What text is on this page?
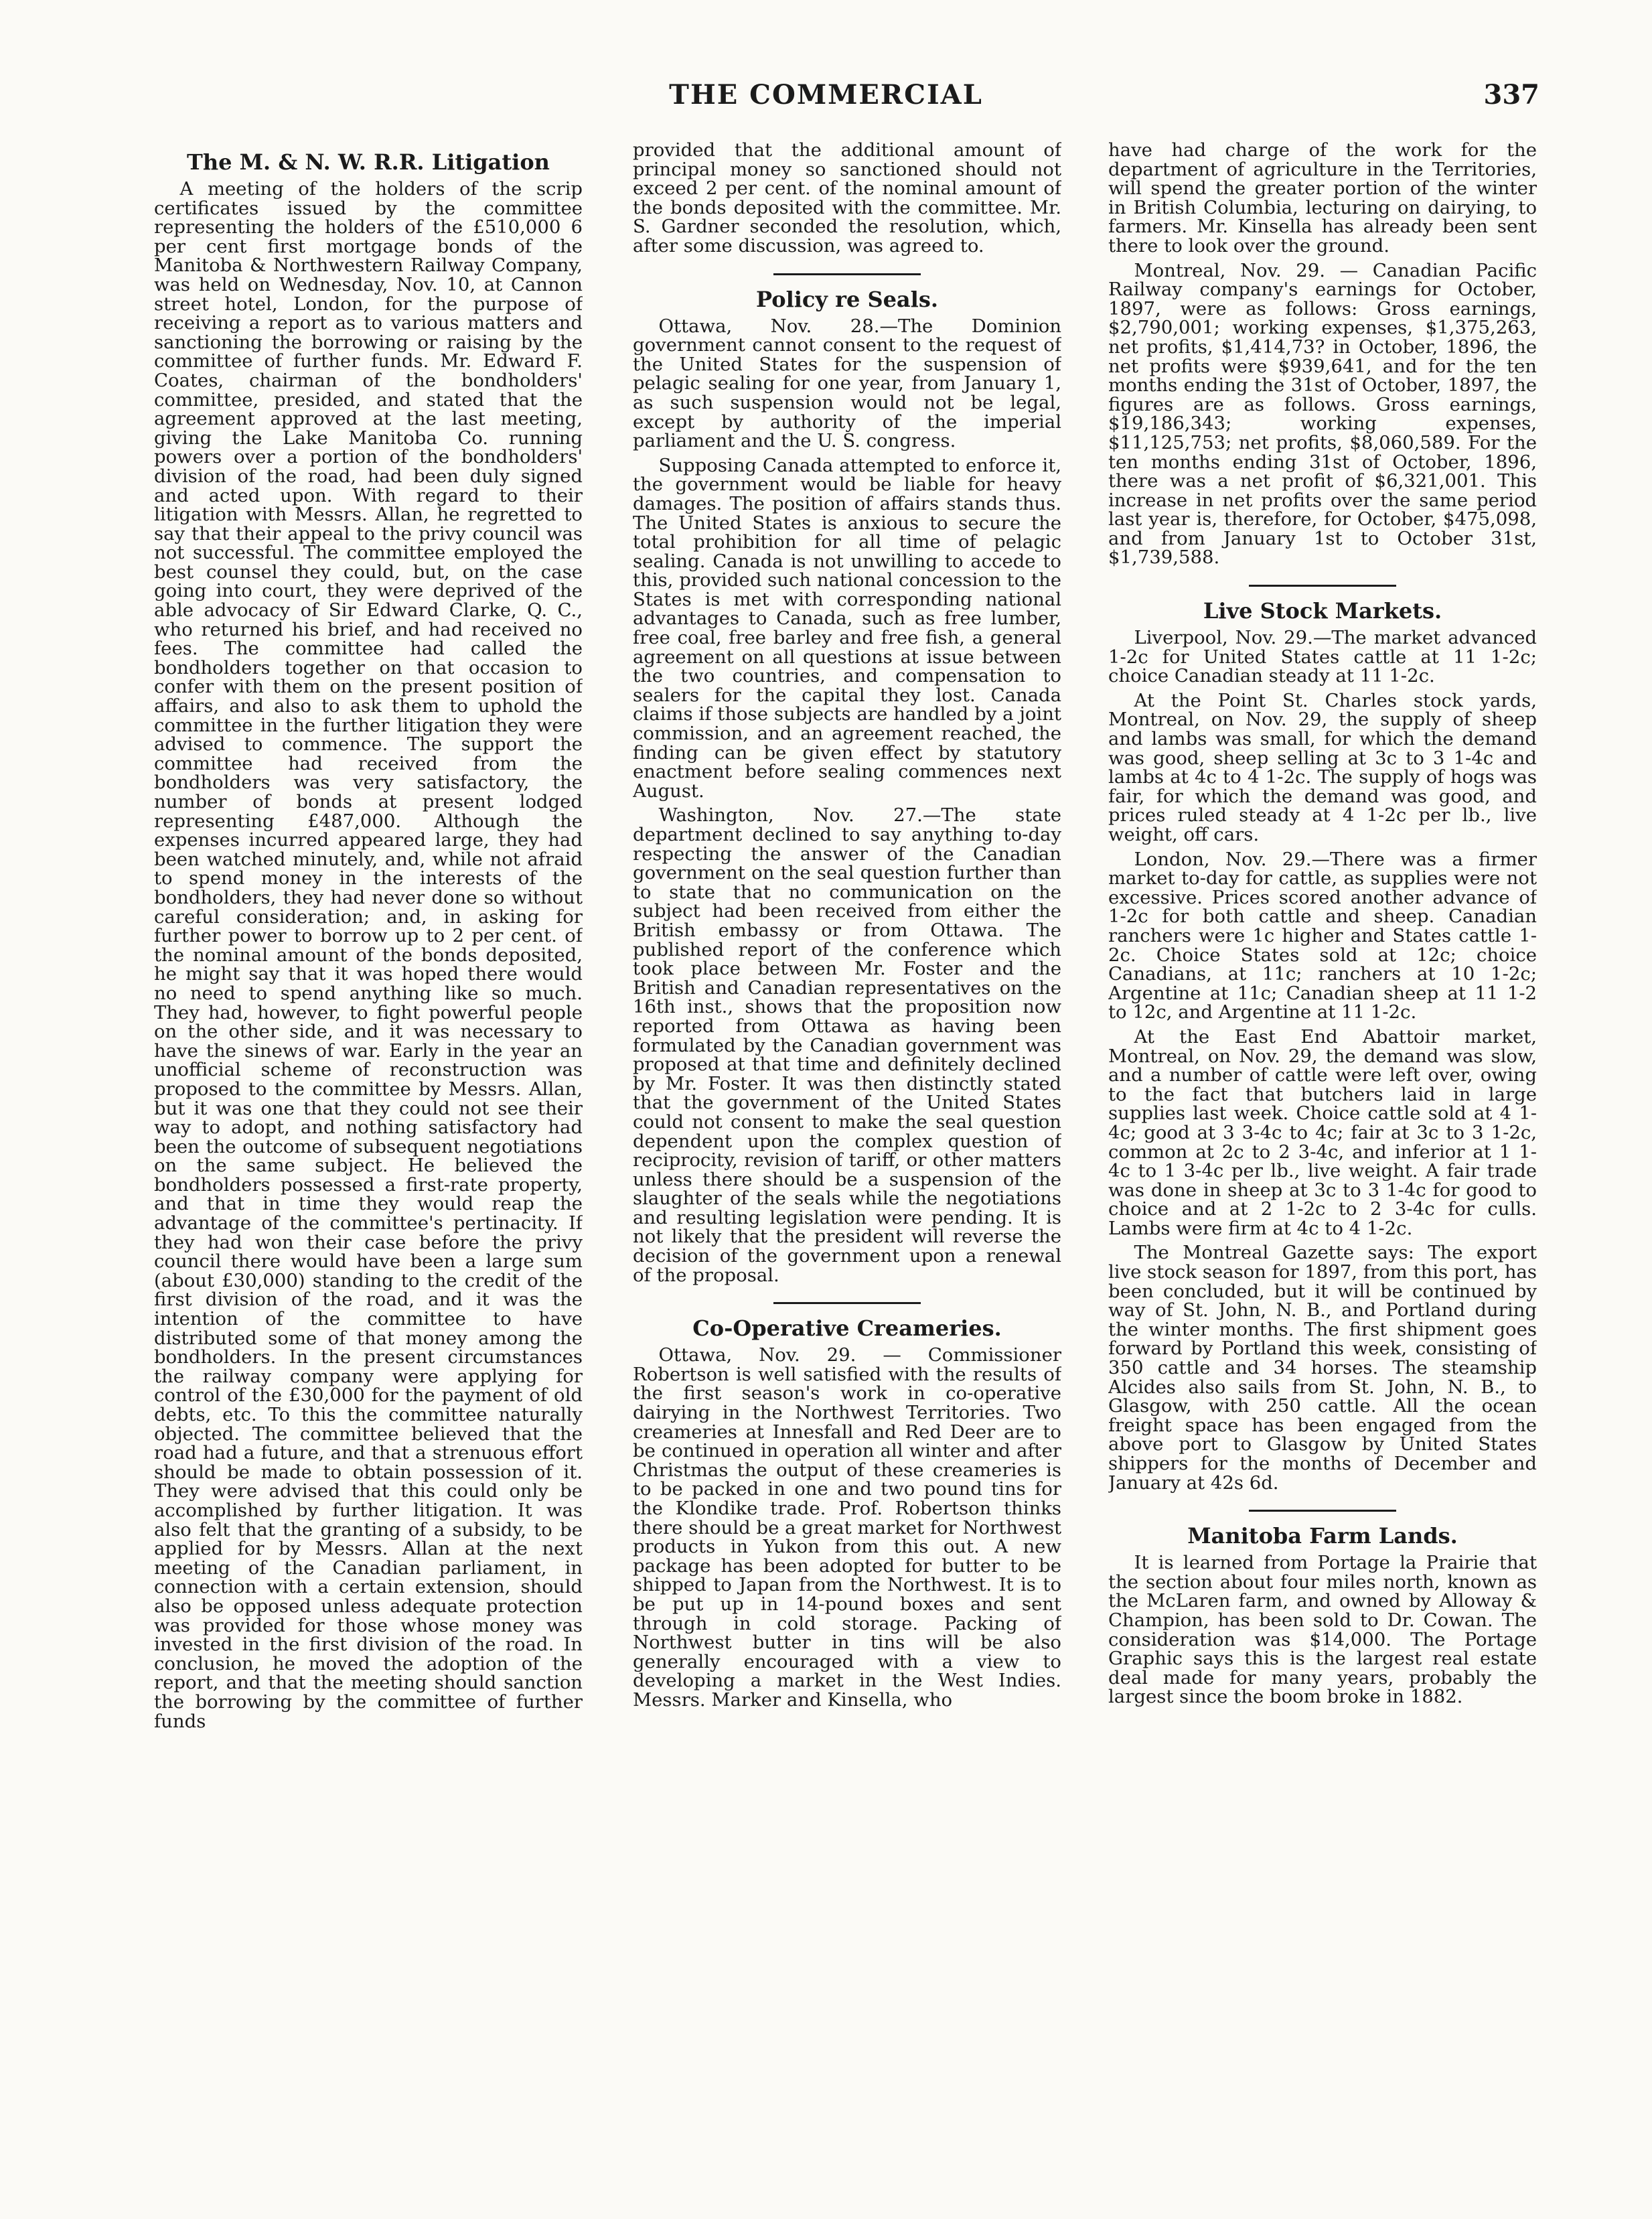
THE COMMERCIAL	337
The M. & N. W. R.R. Litigation

A meeting of the holders of the scrip certificates issued by the committee representing the holders of the £510,000 6 per cent first mortgage bonds of the Manitoba & Northwestern Railway Company, was held on Wednesday, Nov. 10, at Cannon street hotel, London, for the purpose of receiving a report as to various matters and sanctioning the borrowing or raising by the committee of further funds. Mr. Edward F. Coates, chairman of the bondholders' committee, presided, and stated that the agreement approved at the last meeting, giving the Lake Manitoba Co. running powers over a portion of the bondholders' division of the road, had been duly signed and acted upon. With regard to their litigation with Messrs. Allan, he regretted to say that their appeal to the privy council was not successful. The committee employed the best counsel they could, but, on the case going into court, they were deprived of the able advocacy of Sir Edward Clarke, Q. C., who returned his brief, and had received no fees. The committee had called the bondholders together on that occasion to confer with them on the present position of affairs, and also to ask them to uphold the committee in the further litigation they were advised to commence. The support the committee had received from the bondholders was very satisfactory, the number of bonds at present lodged representing £487,000. Although the expenses incurred appeared large, they had been watched minutely, and, while not afraid to spend money in the interests of the bondholders, they had never done so without careful consideration; and, in asking for further power to borrow up to 2 per cent. of the nominal amount of the bonds deposited, he might say that it was hoped there would no need to spend anything like so much. They had, however, to fight powerful people on the other side, and it was necessary to have the sinews of war. Early in the year an unofficial scheme of reconstruction was proposed to the committee by Messrs. Allan, but it was one that they could not see their way to adopt, and nothing satisfactory had been the outcome of subsequent negotiations on the same subject. He believed the bondholders possessed a first-rate property, and that in time they would reap the advantage of the committee's pertinacity. If they had won their case before the privy council there would have been a large sum (about £30,000) standing to the credit of the first division of the road, and it was the intention of the committee to have distributed some of that money among the bondholders. In the present circumstances the railway company were applying for control of the £30,000 for the payment of old debts, etc. To this the committee naturally objected. The committee believed that the road had a future, and that a strenuous effort should be made to obtain possession of it. They were advised that this could only be accomplished by further litigation. It was also felt that the granting of a subsidy, to be applied for by Messrs. Allan at the next meeting of the Canadian parliament, in connection with a certain extension, should also be opposed unless adequate protection was provided for those whose money was invested in the first division of the road. In conclusion, he moved the adoption of the report, and that the meeting should sanction the borrowing by the committee of further funds

provided that the additional amount of principal money so sanctioned should not exceed 2 per cent. of the nominal amount of the bonds deposited with the committee. Mr. S. Gardner seconded the resolution, which, after some discussion, was agreed to.

Policy re Seals.

Ottawa, Nov. 28.—The Dominion government cannot consent to the request of the United States for the suspension of pelagic sealing for one year, from January 1, as such suspension would not be legal, except by authority of the imperial parliament and the U. S. congress.

Supposing Canada attempted to enforce it, the government would be liable for heavy damages. The position of affairs stands thus. The United States is anxious to secure the total prohibition for all time of pelagic sealing. Canada is not unwilling to accede to this, provided such national concession to the States is met with corresponding national advantages to Canada, such as free lumber, free coal, free barley and free fish, a general agreement on all questions at issue between the two countries, and compensation to sealers for the capital they lost. Canada claims if those subjects are handled by a joint commission, and an agreement reached, the finding can be given effect by statutory enactment before sealing commences next August.

Washington, Nov. 27.—The state department declined to say anything to-day respecting the answer of the Canadian government on the seal question further than to state that no communication on the subject had been received from either the British embassy or from Ottawa. The published report of the conference which took place between Mr. Foster and the British and Canadian representatives on the 16th inst., shows that the proposition now reported from Ottawa as having been formulated by the Canadian government was proposed at that time and definitely declined by Mr. Foster. It was then distinctly stated that the government of the United States could not consent to make the seal question dependent upon the complex question of reciprocity, revision of tariff, or other matters unless there should be a suspension of the slaughter of the seals while the negotiations and resulting legislation were pending. It is not likely that the president will reverse the decision of the government upon a renewal of the proposal.

Co-Operative Creameries.

Ottawa, Nov. 29. — Commissioner Robertson is well satisfied with the results of the first season's work in co-operative dairying in the Northwest Territories. Two creameries at Innesfall and Red Deer are to be continued in operation all winter and after Christmas the output of these creameries is to be packed in one and two pound tins for the Klondike trade. Prof. Robertson thinks there should be a great market for Northwest products in Yukon from this out. A new package has been adopted for butter to be shipped to Japan from the Northwest. It is to be put up in 14-pound boxes and sent through in cold storage. Packing of Northwest butter in tins will be also generally encouraged with a view to developing a market in the West Indies. Messrs. Marker and Kinsella, who

have had charge of the work for the department of agriculture in the Territories, will spend the greater portion of the winter in British Columbia, lecturing on dairying, to farmers. Mr. Kinsella has already been sent there to look over the ground.

Montreal, Nov. 29. — Canadian Pacific Railway company's earnings for October, 1897, were as follows: Gross earnings, $2,790,001; working expenses, $1,375,263, net profits, $1,414,73? in October, 1896, the net profits were $939,641, and for the ten months ending the 31st of October, 1897, the figures are as follows. Gross earnings, $19,186,343; working expenses, $11,125,753; net profits, $8,060,589. For the ten months ending 31st of October, 1896, there was a net profit of $6,321,001. This increase in net profits over the same period last year is, therefore, for October, $475,098, and from January 1st to October 31st, $1,739,588.

Live Stock Markets.

Liverpool, Nov. 29.—The market advanced 1-2c for United States cattle at 11 1-2c; choice Canadian steady at 11 1-2c.

At the Point St. Charles stock yards, Montreal, on Nov. 29, the supply of sheep and lambs was small, for which the demand was good, sheep selling at 3c to 3 1-4c and lambs at 4c to 4 1-2c. The supply of hogs was fair, for which the demand was good, and prices ruled steady at 4 1-2c per lb., live weight, off cars.

London, Nov. 29.—There was a firmer market to-day for cattle, as supplies were not excessive. Prices scored another advance of 1-2c for both cattle and sheep. Canadian ranchers were 1c higher and States cattle 1-2c. Choice States sold at 12c; choice Canadians, at 11c; ranchers at 10 1-2c; Argentine at 11c; Canadian sheep at 11 1-2 to 12c, and Argentine at 11 1-2c.

At the East End Abattoir market, Montreal, on Nov. 29, the demand was slow, and a number of cattle were left over, owing to the fact that butchers laid in large supplies last week. Choice cattle sold at 4 1-4c; good at 3 3-4c to 4c; fair at 3c to 3 1-2c, common at 2c to 2 3-4c, and inferior at 1 1-4c to 1 3-4c per lb., live weight. A fair trade was done in sheep at 3c to 3 1-4c for good to choice and at 2 1-2c to 2 3-4c for culls. Lambs were firm at 4c to 4 1-2c.

The Montreal Gazette says: The export live stock season for 1897, from this port, has been concluded, but it will be continued by way of St. John, N. B., and Portland during the winter months. The first shipment goes forward by Portland this week, consisting of 350 cattle and 34 horses. The steamship Alcides also sails from St. John, N. B., to Glasgow, with 250 cattle. All the ocean freight space has been engaged from the above port to Glasgow by United States shippers for the months of December and January at 42s 6d.

Manitoba Farm Lands.

It is learned from Portage la Prairie that the section about four miles north, known as the McLaren farm, and owned by Alloway & Champion, has been sold to Dr. Cowan. The consideration was $14,000. The Portage Graphic says this is the largest real estate deal made for many years, probably the largest since the boom broke in 1882.
